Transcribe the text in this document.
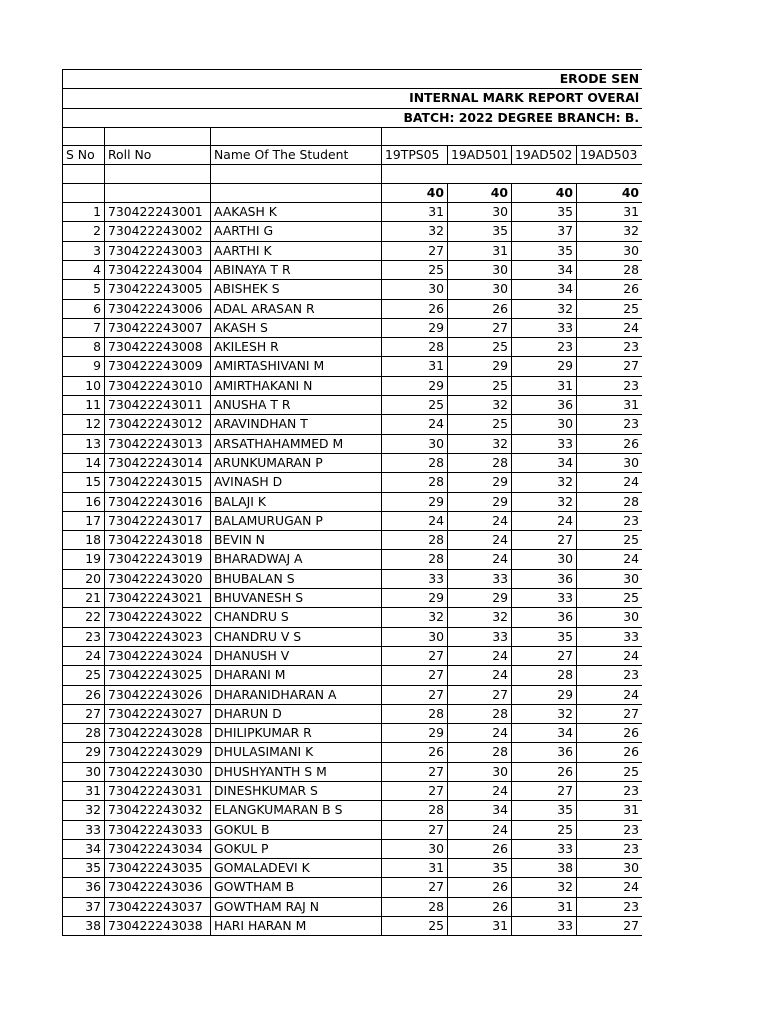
ERODE SEN						
INTERNAL MARK REPORT OVERAl						
BATCH: 2022 DEGREE BRANCH: B.						

S No	Roll No	Name Of The Student	19TPS05	19AD501	19AD502	19AD503

			40	40	40	40
1	730422243001	AAKASH K	31	30	35	31
2	730422243002	AARTHI G	32	35	37	32
3	730422243003	AARTHI K	27	31	35	30
4	730422243004	ABINAYA T R	25	30	34	28
5	730422243005	ABISHEK S	30	30	34	26
6	730422243006	ADAL ARASAN R	26	26	32	25
7	730422243007	AKASH S	29	27	33	24
8	730422243008	AKILESH R	28	25	23	23
9	730422243009	AMIRTASHIVANI M	31	29	29	27
10	730422243010	AMIRTHAKANI N	29	25	31	23
11	730422243011	ANUSHA T R	25	32	36	31
12	730422243012	ARAVINDHAN T	24	25	30	23
13	730422243013	ARSATHAHAMMED M	30	32	33	26
14	730422243014	ARUNKUMARAN P	28	28	34	30
15	730422243015	AVINASH D	28	29	32	24
16	730422243016	BALAJI K	29	29	32	28
17	730422243017	BALAMURUGAN P	24	24	24	23
18	730422243018	BEVIN N	28	24	27	25
19	730422243019	BHARADWAJ A	28	24	30	24
20	730422243020	BHUBALAN S	33	33	36	30
21	730422243021	BHUVANESH S	29	29	33	25
22	730422243022	CHANDRU S	32	32	36	30
23	730422243023	CHANDRU V S	30	33	35	33
24	730422243024	DHANUSH V	27	24	27	24
25	730422243025	DHARANI M	27	24	28	23
26	730422243026	DHARANIDHARAN A	27	27	29	24
27	730422243027	DHARUN D	28	28	32	27
28	730422243028	DHILIPKUMAR R	29	24	34	26
29	730422243029	DHULASIMANI K	26	28	36	26
30	730422243030	DHUSHYANTH S M	27	30	26	25
31	730422243031	DINESHKUMAR S	27	24	27	23
32	730422243032	ELANGKUMARAN B S	28	34	35	31
33	730422243033	GOKUL B	27	24	25	23
34	730422243034	GOKUL P	30	26	33	23
35	730422243035	GOMALADEVI K	31	35	38	30
36	730422243036	GOWTHAM B	27	26	32	24
37	730422243037	GOWTHAM RAJ N	28	26	31	23
38	730422243038	HARI HARAN M	25	31	33	27
